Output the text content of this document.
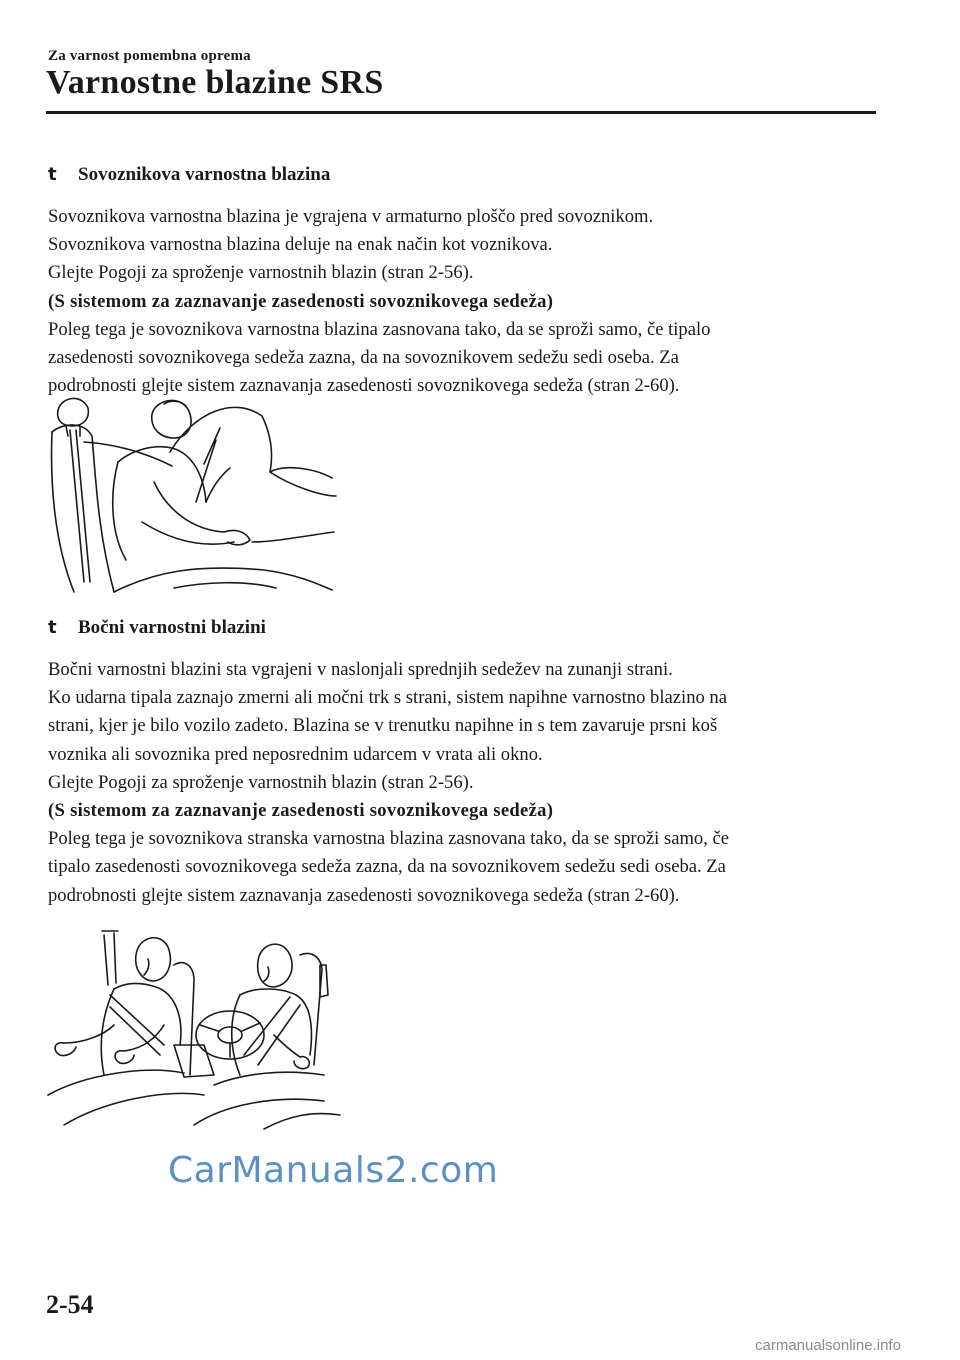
Za varnost pomembna oprema
Varnostne blazine SRS
t	Sovoznikova varnostna blazina

Sovoznikova varnostna blazina je vgrajena v armaturno ploščo pred sovoznikom.

Sovoznikova varnostna blazina deluje na enak način kot voznikova.

Glejte Pogoji za sproženje varnostnih blazin (stran 2-56).

(S sistemom za zaznavanje zasedenosti sovoznikovega sedeža)

Poleg tega je sovoznikova varnostna blazina zasnovana tako, da se sproži samo, če tipalo

zasedenosti sovoznikovega sedeža zazna, da na sovoznikovem sedežu sedi oseba. Za

podrobnosti glejte sistem zaznavanja zasedenosti sovoznikovega sedeža (stran 2-60).

t	Bočni varnostni blazini

Bočni varnostni blazini sta vgrajeni v naslonjali sprednjih sedežev na zunanji strani.

Ko udarna tipala zaznajo zmerni ali močni trk s strani, sistem napihne varnostno blazino na

strani, kjer je bilo vozilo zadeto. Blazina se v trenutku napihne in s tem zavaruje prsni koš

voznika ali sovoznika pred neposrednim udarcem v vrata ali okno.

Glejte Pogoji za sproženje varnostnih blazin (stran 2-56).

(S sistemom za zaznavanje zasedenosti sovoznikovega sedeža)

Poleg tega je sovoznikova stranska varnostna blazina zasnovana tako, da se sproži samo, če

tipalo zasedenosti sovoznikovega sedeža zazna, da na sovoznikovem sedežu sedi oseba. Za

podrobnosti glejte sistem zaznavanja zasedenosti sovoznikovega sedeža (stran 2-60).

CarManuals2.com
2-54
carmanualsonline.info
